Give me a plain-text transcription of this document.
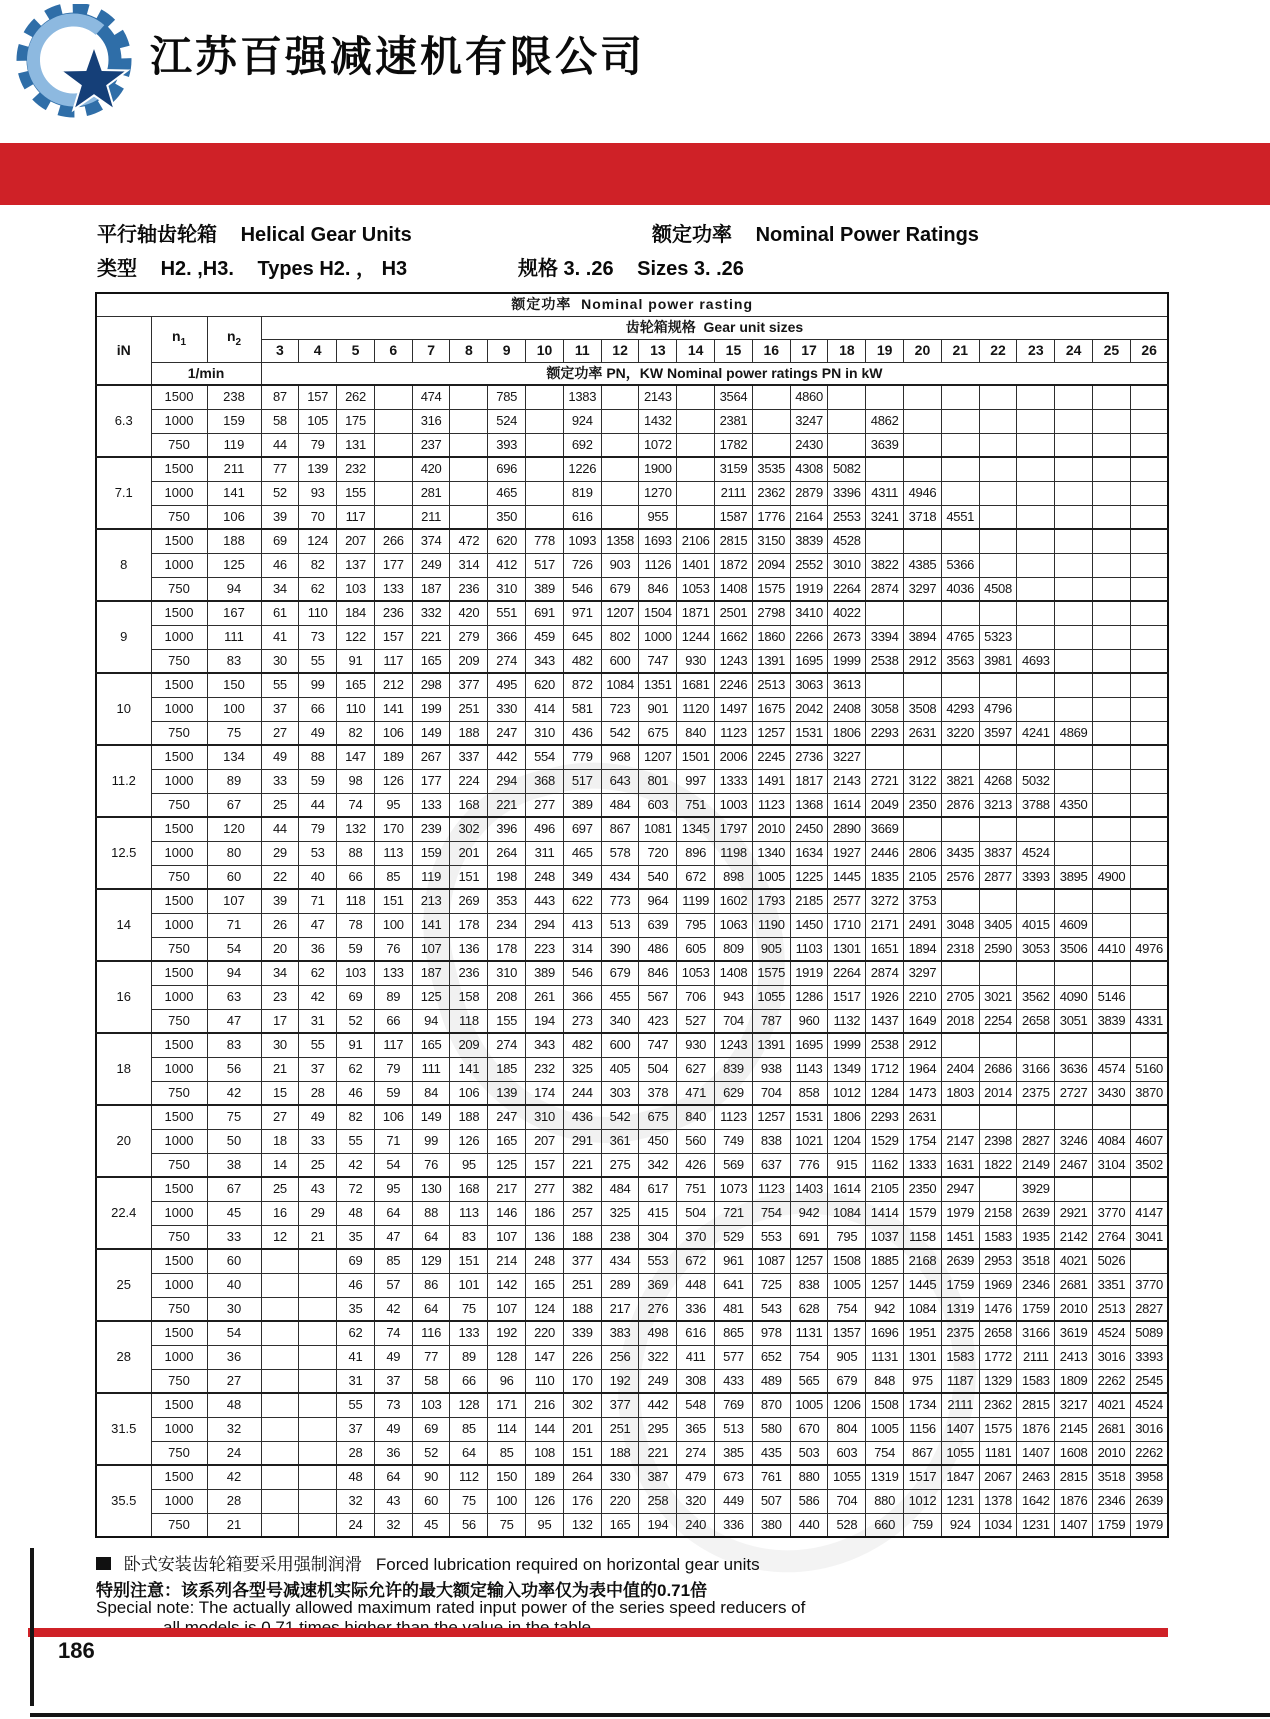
江苏百强减速机有限公司
平行轴齿轮箱 Helical Gear Units	额定功率 Nominal Power Ratings
类型 H2. ,H3. Types H2. ， H3	规格 3. .26 Sizes 3. .26
额定功率 Nominal power rasting																										
iN	$n_1$	$n_2$	齿轮箱规格 Gear unit sizes																							
			3	4	5	6	7	8	9	10	11	12	13	14	15	16	17	18	19	20	21	22	23	24	25	26
	1/min		额定功率 PN，KW Nominal power ratings PN in kW																							
6.3	1500	238	87	157	262		474		785		1383		2143		3564		4860									
	1000	159	58	105	175		316		524		924		1432		2381		3247		4862							
	750	119	44	79	131		237		393		692		1072		1782		2430		3639							
7.1	1500	211	77	139	232		420		696		1226		1900		3159	3535	4308	5082								
	1000	141	52	93	155		281		465		819		1270		2111	2362	2879	3396	4311	4946						
	750	106	39	70	117		211		350		616		955		1587	1776	2164	2553	3241	3718	4551					
8	1500	188	69	124	207	266	374	472	620	778	1093	1358	1693	2106	2815	3150	3839	4528								
	1000	125	46	82	137	177	249	314	412	517	726	903	1126	1401	1872	2094	2552	3010	3822	4385	5366					
	750	94	34	62	103	133	187	236	310	389	546	679	846	1053	1408	1575	1919	2264	2874	3297	4036	4508				
9	1500	167	61	110	184	236	332	420	551	691	971	1207	1504	1871	2501	2798	3410	4022								
	1000	111	41	73	122	157	221	279	366	459	645	802	1000	1244	1662	1860	2266	2673	3394	3894	4765	5323				
	750	83	30	55	91	117	165	209	274	343	482	600	747	930	1243	1391	1695	1999	2538	2912	3563	3981	4693			
10	1500	150	55	99	165	212	298	377	495	620	872	1084	1351	1681	2246	2513	3063	3613								
	1000	100	37	66	110	141	199	251	330	414	581	723	901	1120	1497	1675	2042	2408	3058	3508	4293	4796				
	750	75	27	49	82	106	149	188	247	310	436	542	675	840	1123	1257	1531	1806	2293	2631	3220	3597	4241	4869		
11.2	1500	134	49	88	147	189	267	337	442	554	779	968	1207	1501	2006	2245	2736	3227								
	1000	89	33	59	98	126	177	224	294	368	517	643	801	997	1333	1491	1817	2143	2721	3122	3821	4268	5032			
	750	67	25	44	74	95	133	168	221	277	389	484	603	751	1003	1123	1368	1614	2049	2350	2876	3213	3788	4350		
12.5	1500	120	44	79	132	170	239	302	396	496	697	867	1081	1345	1797	2010	2450	2890	3669							
	1000	80	29	53	88	113	159	201	264	311	465	578	720	896	1198	1340	1634	1927	2446	2806	3435	3837	4524			
	750	60	22	40	66	85	119	151	198	248	349	434	540	672	898	1005	1225	1445	1835	2105	2576	2877	3393	3895	4900	
14	1500	107	39	71	118	151	213	269	353	443	622	773	964	1199	1602	1793	2185	2577	3272	3753						
	1000	71	26	47	78	100	141	178	234	294	413	513	639	795	1063	1190	1450	1710	2171	2491	3048	3405	4015	4609		
	750	54	20	36	59	76	107	136	178	223	314	390	486	605	809	905	1103	1301	1651	1894	2318	2590	3053	3506	4410	4976
16	1500	94	34	62	103	133	187	236	310	389	546	679	846	1053	1408	1575	1919	2264	2874	3297						
	1000	63	23	42	69	89	125	158	208	261	366	455	567	706	943	1055	1286	1517	1926	2210	2705	3021	3562	4090	5146	
	750	47	17	31	52	66	94	118	155	194	273	340	423	527	704	787	960	1132	1437	1649	2018	2254	2658	3051	3839	4331
18	1500	83	30	55	91	117	165	209	274	343	482	600	747	930	1243	1391	1695	1999	2538	2912						
	1000	56	21	37	62	79	111	141	185	232	325	405	504	627	839	938	1143	1349	1712	1964	2404	2686	3166	3636	4574	5160
	750	42	15	28	46	59	84	106	139	174	244	303	378	471	629	704	858	1012	1284	1473	1803	2014	2375	2727	3430	3870
20	1500	75	27	49	82	106	149	188	247	310	436	542	675	840	1123	1257	1531	1806	2293	2631						
	1000	50	18	33	55	71	99	126	165	207	291	361	450	560	749	838	1021	1204	1529	1754	2147	2398	2827	3246	4084	4607
	750	38	14	25	42	54	76	95	125	157	221	275	342	426	569	637	776	915	1162	1333	1631	1822	2149	2467	3104	3502
22.4	1500	67	25	43	72	95	130	168	217	277	382	484	617	751	1073	1123	1403	1614	2105	2350	2947		3929			
	1000	45	16	29	48	64	88	113	146	186	257	325	415	504	721	754	942	1084	1414	1579	1979	2158	2639	2921	3770	4147
	750	33	12	21	35	47	64	83	107	136	188	238	304	370	529	553	691	795	1037	1158	1451	1583	1935	2142	2764	3041
25	1500	60			69	85	129	151	214	248	377	434	553	672	961	1087	1257	1508	1885	2168	2639	2953	3518	4021	5026	
	1000	40			46	57	86	101	142	165	251	289	369	448	641	725	838	1005	1257	1445	1759	1969	2346	2681	3351	3770
	750	30			35	42	64	75	107	124	188	217	276	336	481	543	628	754	942	1084	1319	1476	1759	2010	2513	2827
28	1500	54			62	74	116	133	192	220	339	383	498	616	865	978	1131	1357	1696	1951	2375	2658	3166	3619	4524	5089
	1000	36			41	49	77	89	128	147	226	256	322	411	577	652	754	905	1131	1301	1583	1772	2111	2413	3016	3393
	750	27			31	37	58	66	96	110	170	192	249	308	433	489	565	679	848	975	1187	1329	1583	1809	2262	2545
31.5	1500	48			55	73	103	128	171	216	302	377	442	548	769	870	1005	1206	1508	1734	2111	2362	2815	3217	4021	4524
	1000	32			37	49	69	85	114	144	201	251	295	365	513	580	670	804	1005	1156	1407	1575	1876	2145	2681	3016
	750	24			28	36	52	64	85	108	151	188	221	274	385	435	503	603	754	867	1055	1181	1407	1608	2010	2262
35.5	1500	42			48	64	90	112	150	189	264	330	387	479	673	761	880	1055	1319	1517	1847	2067	2463	2815	3518	3958
	1000	28			32	43	60	75	100	126	176	220	258	320	449	507	586	704	880	1012	1231	1378	1642	1876	2346	2639
	750	21			24	32	45	56	75	95	132	165	194	240	336	380	440	528	660	759	924	1034	1231	1407	1759	1979
卧式安装齿轮箱要采用强制润滑 Forced lubrication required on horizontal gear units
特别注意：该系列各型号减速机实际允许的最大额定输入功率仅为表中值的0.71倍
Special note: The actually allowed maximum rated input power of the series speed reducers of
186
